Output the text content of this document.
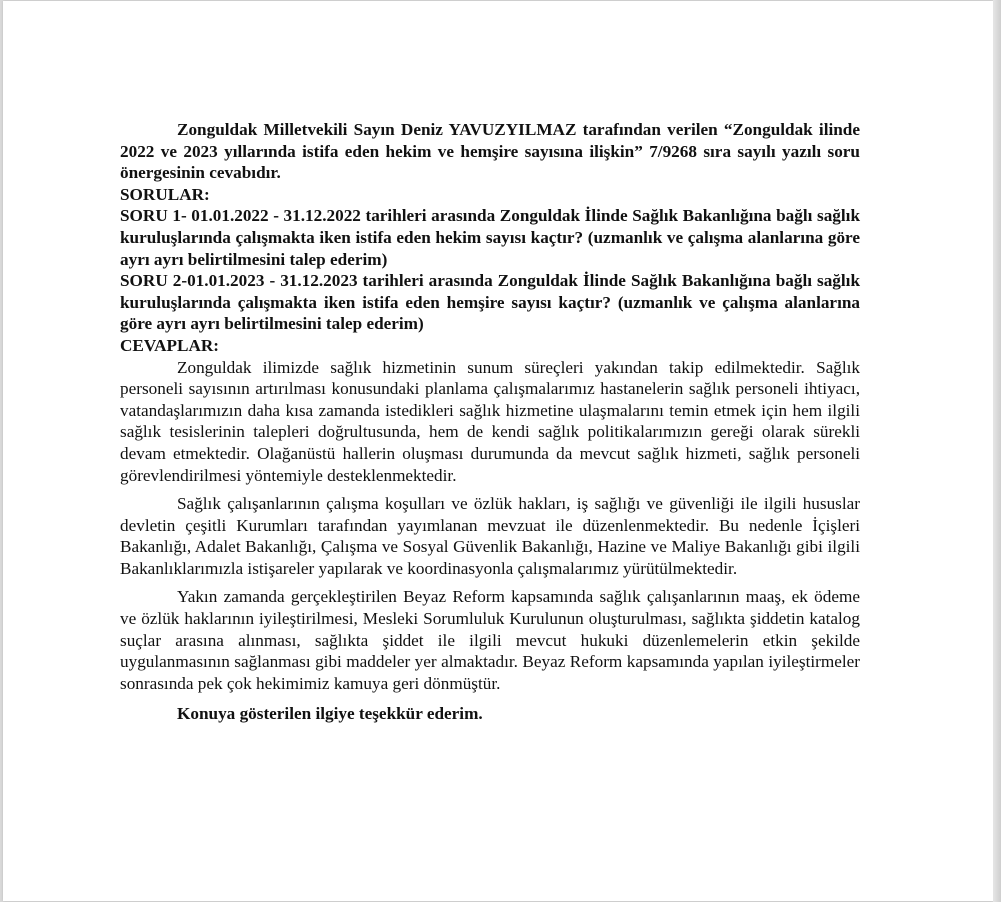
Zonguldak Milletvekili Sayın Deniz YAVUZYILMAZ tarafından verilen “Zonguldak ilinde 2022 ve 2023 yıllarında istifa eden hekim ve hemşire sayısına ilişkin” 7/9268 sıra sayılı yazılı soru önergesinin cevabıdır.

SORULAR:

SORU 1- 01.01.2022 - 31.12.2022 tarihleri arasında Zonguldak İlinde Sağlık Bakanlığına bağlı sağlık kuruluşlarında çalışmakta iken istifa eden hekim sayısı kaçtır? (uzmanlık ve çalışma alanlarına göre ayrı ayrı belirtilmesini talep ederim)

SORU 2-01.01.2023 - 31.12.2023 tarihleri arasında Zonguldak İlinde Sağlık Bakanlığına bağlı sağlık kuruluşlarında çalışmakta iken istifa eden hemşire sayısı kaçtır? (uzmanlık ve çalışma alanlarına göre ayrı ayrı belirtilmesini talep ederim)

CEVAPLAR:

Zonguldak ilimizde sağlık hizmetinin sunum süreçleri yakından takip edilmektedir. Sağlık personeli sayısının artırılması konusundaki planlama çalışmalarımız hastanelerin sağlık personeli ihtiyacı, vatandaşlarımızın daha kısa zamanda istedikleri sağlık hizmetine ulaşmalarını temin etmek için hem ilgili sağlık tesislerinin talepleri doğrultusunda, hem de kendi sağlık politikalarımızın gereği olarak sürekli devam etmektedir. Olağanüstü hallerin oluşması durumunda da mevcut sağlık hizmeti, sağlık personeli görevlendirilmesi yöntemiyle desteklenmektedir.

Sağlık çalışanlarının çalışma koşulları ve özlük hakları, iş sağlığı ve güvenliği ile ilgili hususlar devletin çeşitli Kurumları tarafından yayımlanan mevzuat ile düzenlenmektedir. Bu nedenle İçişleri Bakanlığı, Adalet Bakanlığı, Çalışma ve Sosyal Güvenlik Bakanlığı, Hazine ve Maliye Bakanlığı gibi ilgili Bakanlıklarımızla istişareler yapılarak ve koordinasyonla çalışmalarımız yürütülmektedir.

Yakın zamanda gerçekleştirilen Beyaz Reform kapsamında sağlık çalışanlarının maaş, ek ödeme ve özlük haklarının iyileştirilmesi, Mesleki Sorumluluk Kurulunun oluşturulması, sağlıkta şiddetin katalog suçlar arasına alınması, sağlıkta şiddet ile ilgili mevcut hukuki düzenlemelerin etkin şekilde uygulanmasının sağlanması gibi maddeler yer almaktadır. Beyaz Reform kapsamında yapılan iyileştirmeler sonrasında pek çok hekimimiz kamuya geri dönmüştür.

Konuya gösterilen ilgiye teşekkür ederim.
